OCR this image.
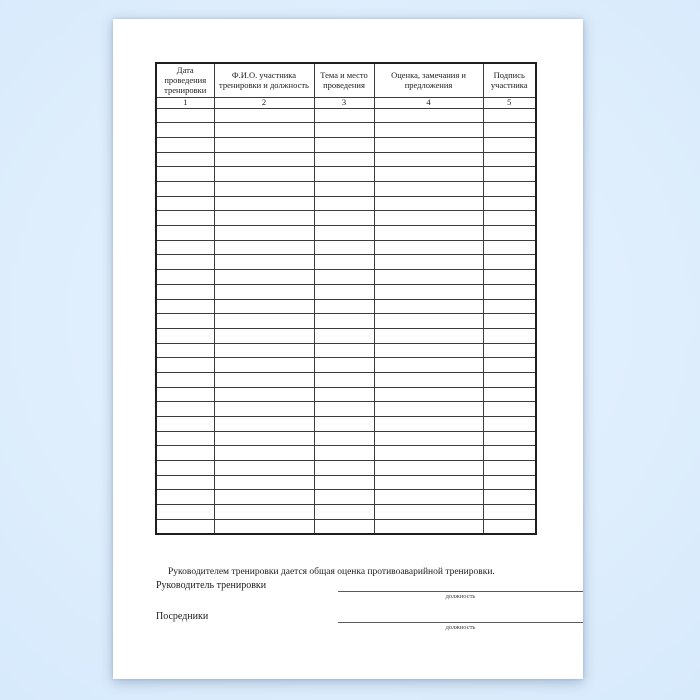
Дата проведения тренировки	Ф.И.О. участника тренировки и должность	Тема и место проведения	Оценка, замечания и предложения	Подпись участника
1	2	3	4	5

Руководителем тренировки дается общая оценка противоаварийной тренировки.

Руководитель тренировки
должность
Посредники
должность
